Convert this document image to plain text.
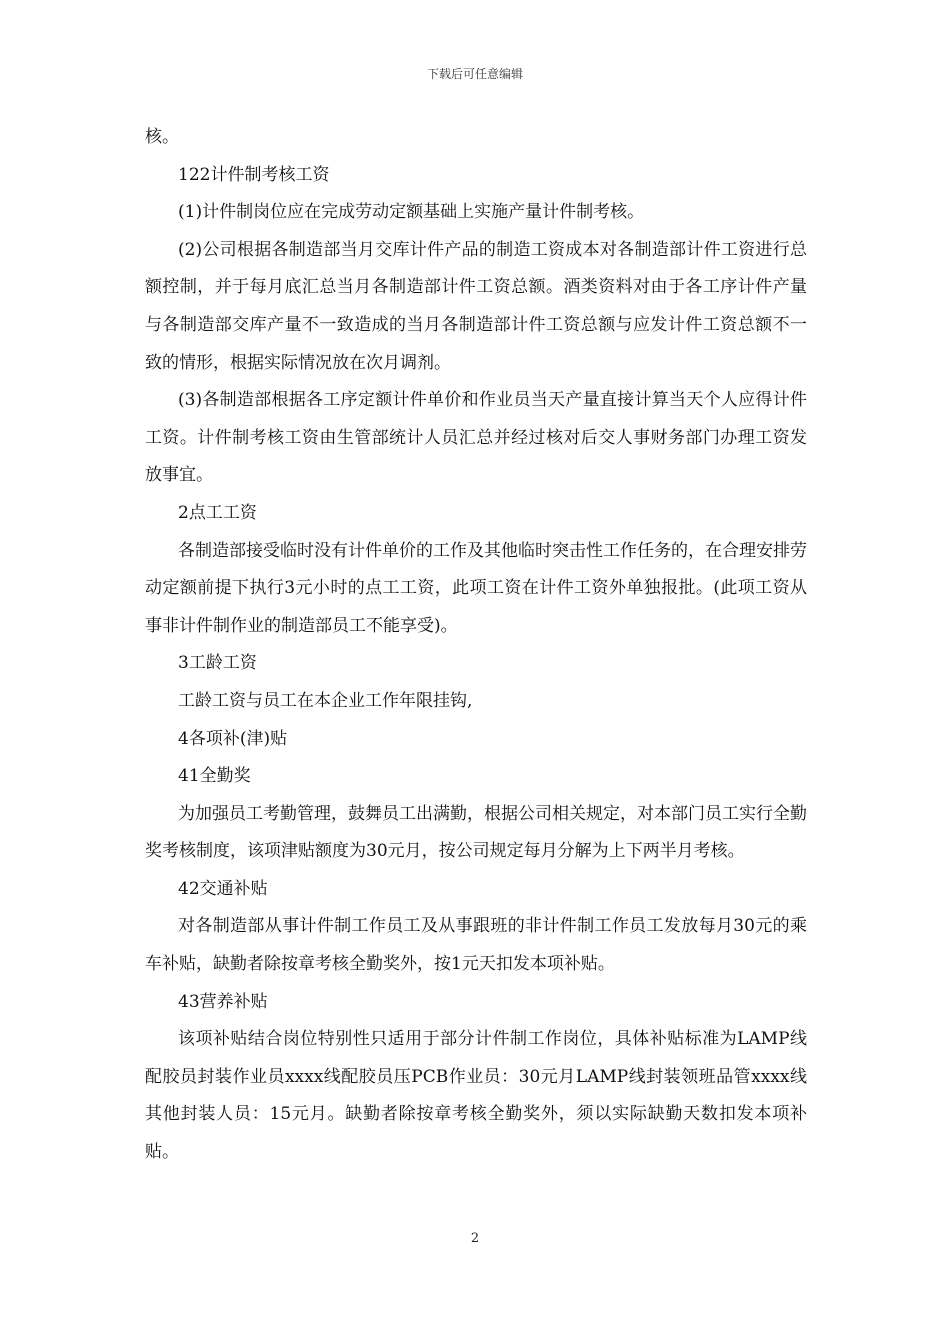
下载后可任意编辑

核。

122计件制考核工资

(1)计件制岗位应在完成劳动定额基础上实施产量计件制考核。

(2)公司根据各制造部当月交库计件产品的制造工资成本对各制造部计件工资进行总额控制，并于每月底汇总当月各制造部计件工资总额。酒类资料对由于各工序计件产量与各制造部交库产量不一致造成的当月各制造部计件工资总额与应发计件工资总额不一致的情形，根据实际情况放在次月调剂。

(3)各制造部根据各工序定额计件单价和作业员当天产量直接计算当天个人应得计件工资。计件制考核工资由生管部统计人员汇总并经过核对后交人事财务部门办理工资发放事宜。

2点工工资

各制造部接受临时没有计件单价的工作及其他临时突击性工作任务的，在合理安排劳动定额前提下执行3元小时的点工工资，此项工资在计件工资外单独报批。(此项工资从事非计件制作业的制造部员工不能享受)。

3工龄工资

工龄工资与员工在本企业工作年限挂钩,

4各项补(津)贴

41全勤奖

为加强员工考勤管理，鼓舞员工出满勤，根据公司相关规定，对本部门员工实行全勤奖考核制度，该项津贴额度为30元月，按公司规定每月分解为上下两半月考核。

42交通补贴

对各制造部从事计件制工作员工及从事跟班的非计件制工作员工发放每月30元的乘车补贴，缺勤者除按章考核全勤奖外，按1元天扣发本项补贴。

43营养补贴

该项补贴结合岗位特别性只适用于部分计件制工作岗位，具体补贴标准为LAMP线配胶员封装作业员xxxx线配胶员压PCB作业员：30元月LAMP线封装领班品管xxxx线其他封装人员：15元月。缺勤者除按章考核全勤奖外，须以实际缺勤天数扣发本项补贴。

2
